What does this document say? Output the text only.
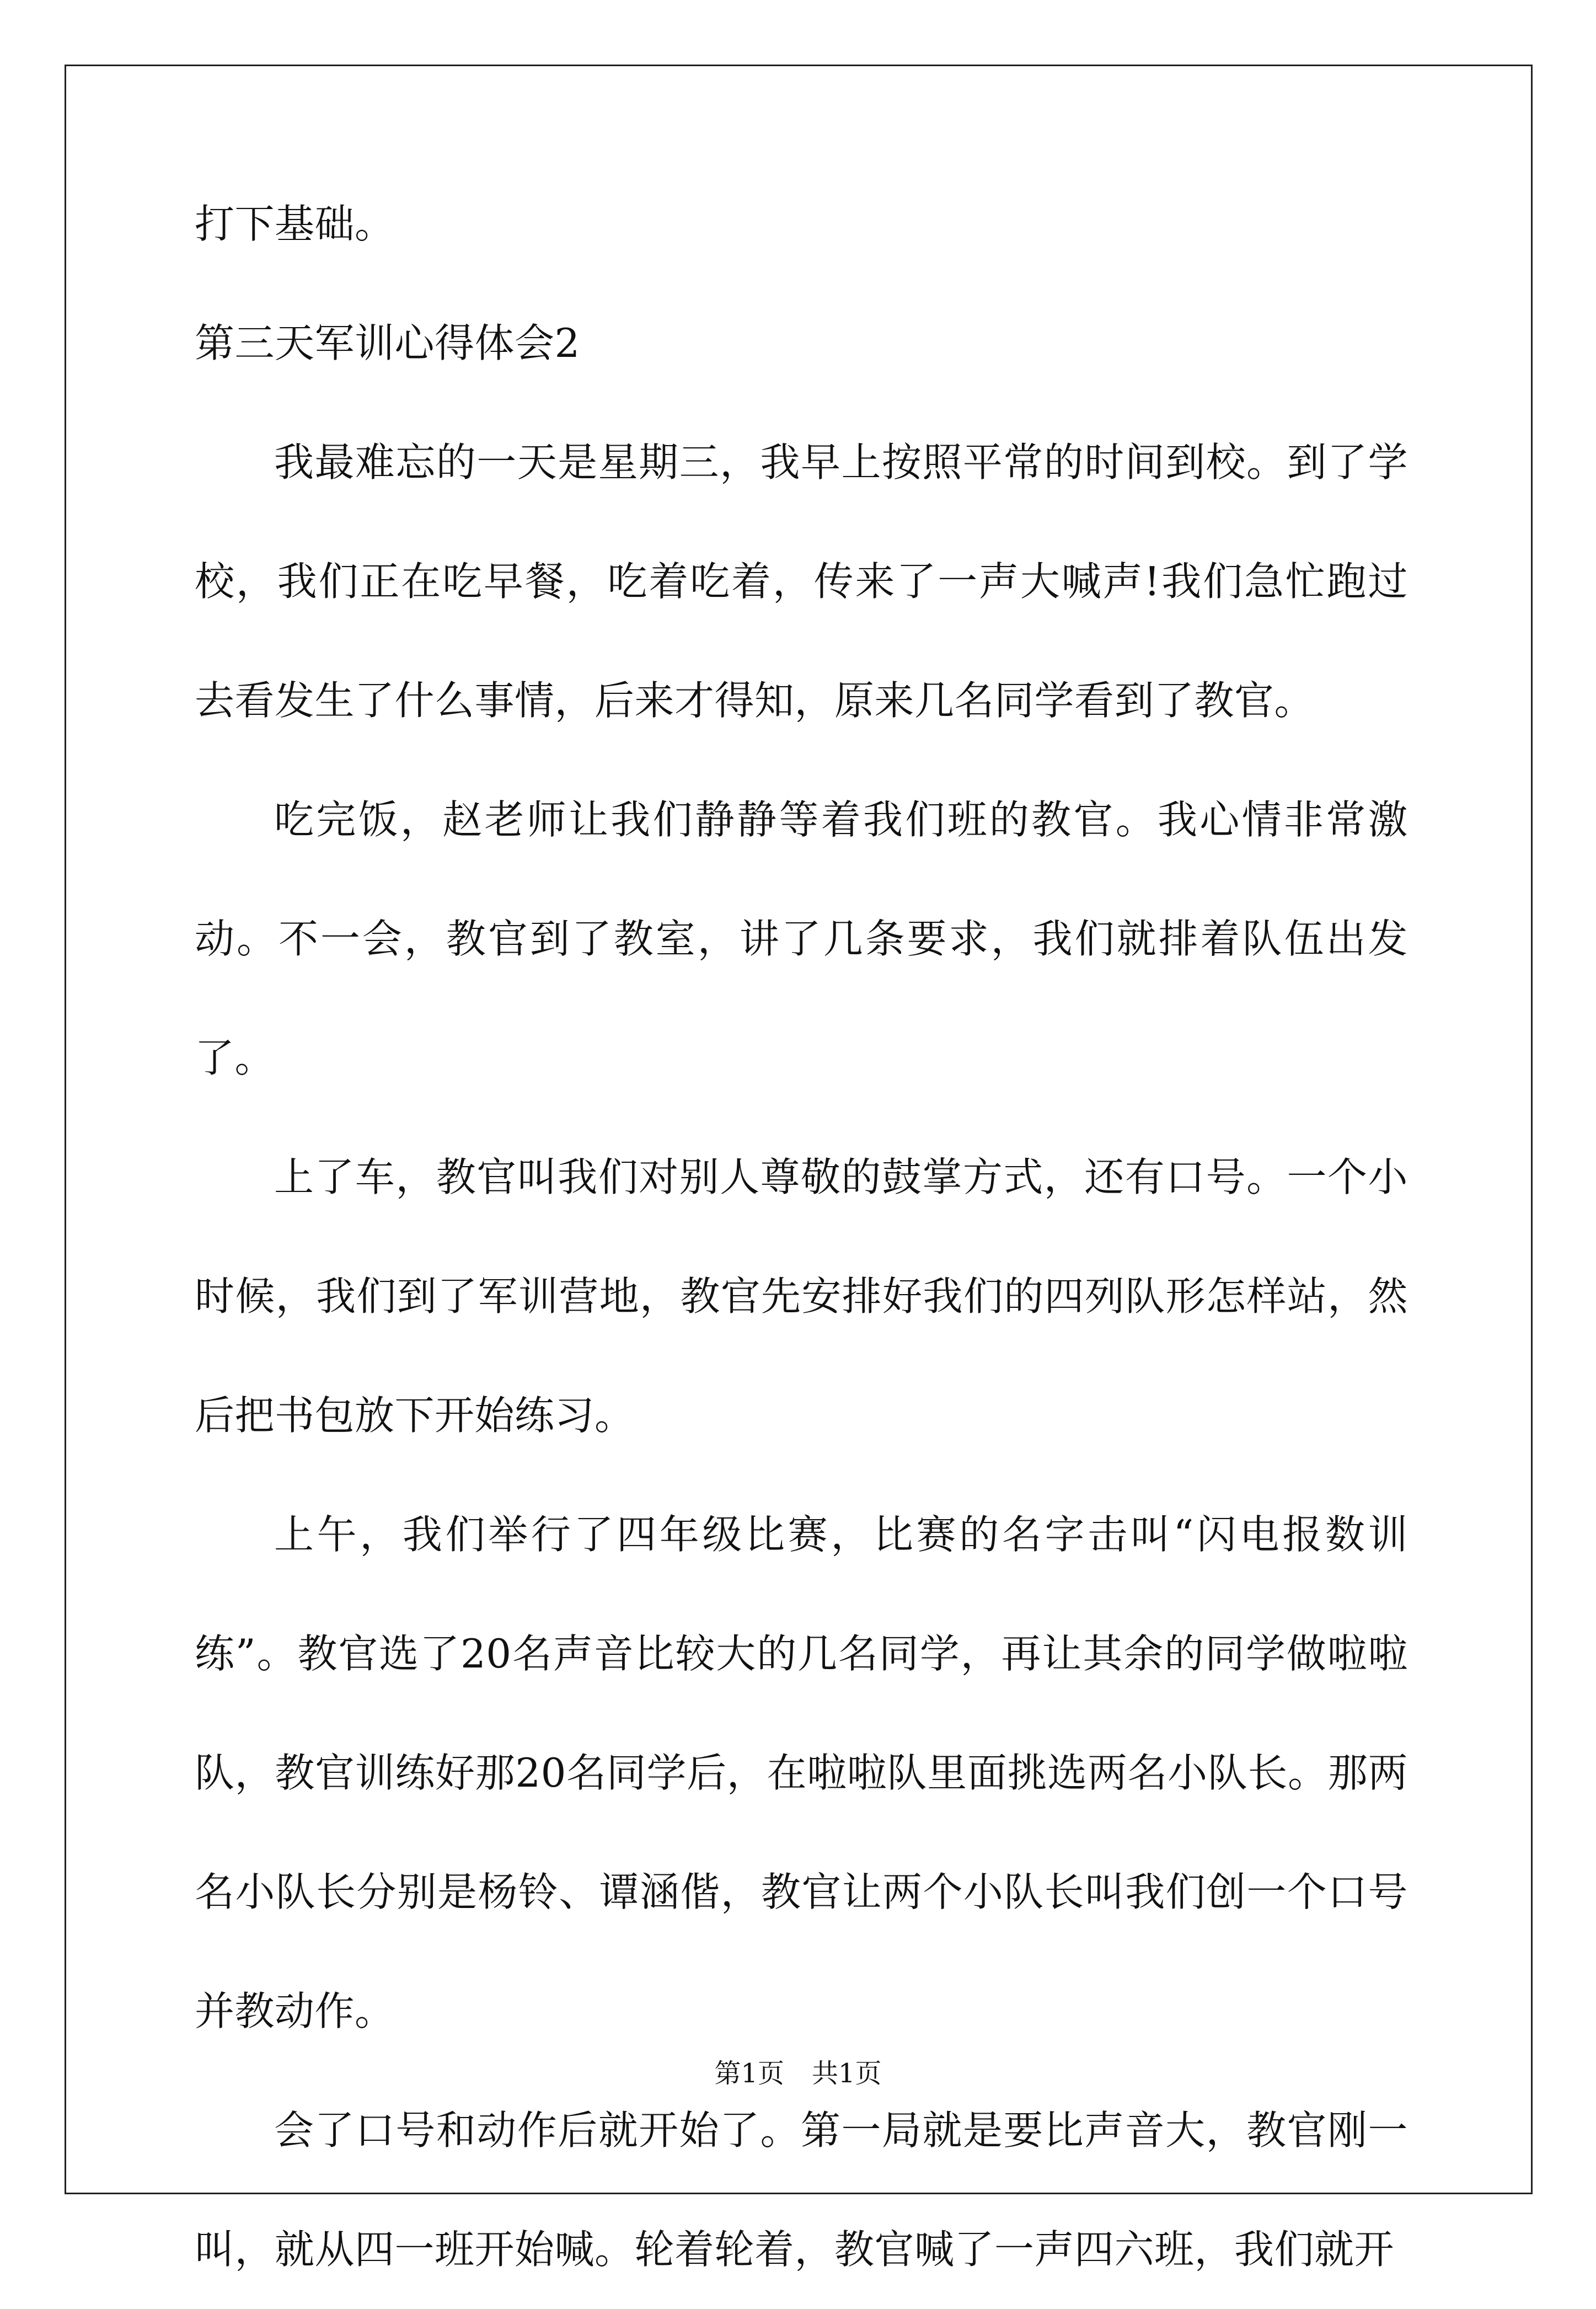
打下基础。

第三天军训心得体会2

我最难忘的一天是星期三，我早上按照平常的时间到校。到了学校，我们正在吃早餐，吃着吃着，传来了一声大喊声!我们急忙跑过去看发生了什么事情，后来才得知，原来几名同学看到了教官。

吃完饭，赵老师让我们静静等着我们班的教官。我心情非常激动。不一会，教官到了教室，讲了几条要求，我们就排着队伍出发了。

上了车，教官叫我们对别人尊敬的鼓掌方式，还有口号。一个小时候，我们到了军训营地，教官先安排好我们的四列队形怎样站，然后把书包放下开始练习。

上午，我们举行了四年级比赛，比赛的名字击叫“闪电报数训练”。教官选了20名声音比较大的几名同学，再让其余的同学做啦啦队，教官训练好那20名同学后，在啦啦队里面挑选两名小队长。那两名小队长分别是杨铃、谭涵偕，教官让两个小队长叫我们创一个口号并教动作。

会了口号和动作后就开始了。第一局就是要比声音大，教官刚一叫，就从四一班开始喊。轮着轮着，教官喊了一声四六班，我们就开

第1页 共1页
